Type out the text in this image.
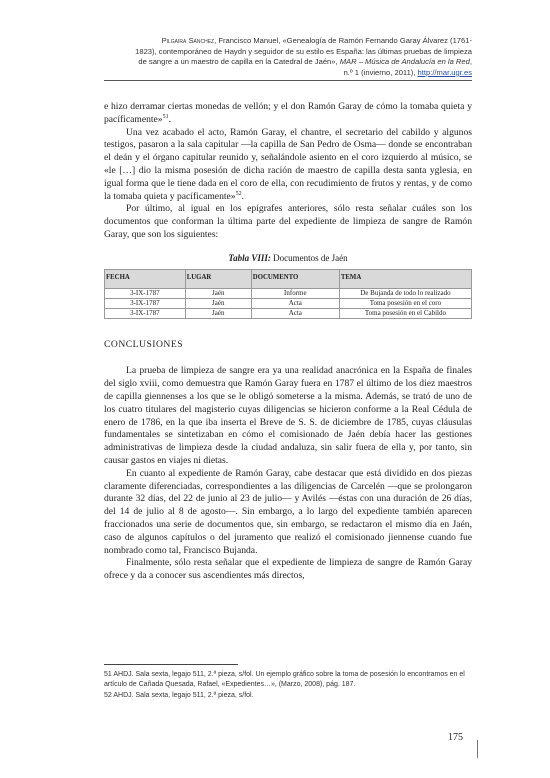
Pilgaira Sánchez, Francisco Manuel, «Genealogía de Ramón Fernando Garay Álvarez (1761-
1823), contemporáneo de Haydn y seguidor de su estilo es España: las últimas pruebas de limpieza
de sangre a un maestro de capilla en la Catedral de Jaén», MAR – Música de Andalucía en la Red,
n.º 1 (invierno, 2011), http://mar.ugr.es

e hizo derramar ciertas monedas de vellón; y el don Ramón Garay de cómo la tomaba quieta y pacíficamente»$^{51}$.

Una vez acabado el acto, Ramón Garay, el chantre, el secretario del cabildo y algunos testigos, pasaron a la sala capitular —la capilla de San Pedro de Osma— donde se encontraban el deán y el órgano capitular reunido y, señalándole asiento en el coro izquierdo al músico, se «le […] dio la misma posesión de dicha ración de maestro de capilla desta santa yglesia, en igual forma que le tiene dada en el coro de ella, con recudimiento de frutos y rentas, y de como la tomaba quieta y pacíficamente»$^{52}$.

Por último, al igual en los epígrafes anteriores, sólo resta señalar cuáles son los documentos que conforman la última parte del expediente de limpieza de sangre de Ramón Garay, que son los siguientes:

Tabla VIII: Documentos de Jaén
FECHA	LUGAR	DOCUMENTO	TEMA
3-IX-1787	Jaén	Informe	De Bujanda de todo lo realizado
3-IX-1787	Jaén	Acta	Toma posesión en el coro
3-IX-1787	Jaén	Acta	Toma posesión en el Cabildo
CONCLUSIONES

La prueba de limpieza de sangre era ya una realidad anacrónica en la España de finales del siglo xviii, como demuestra que Ramón Garay fuera en 1787 el último de los diez maestros de capilla giennenses a los que se le obligó someterse a la misma. Además, se trató de uno de los cuatro titulares del magisterio cuyas diligencias se hicieron conforme a la Real Cédula de enero de 1786, en la que iba inserta el Breve de S. S. de diciembre de 1785, cuyas cláusulas fundamentales se sintetizaban en cómo el comisionado de Jaén debía hacer las gestiones administrativas de limpieza desde la ciudad andaluza, sin salir fuera de ella y, por tanto, sin causar gastos en viajes ni dietas.

En cuanto al expediente de Ramón Garay, cabe destacar que está dividido en dos piezas claramente diferenciadas, correspondientes a las diligencias de Carcelén —que se prolongaron durante 32 días, del 22 de junio al 23 de julio— y Avilés —éstas con una duración de 26 días, del 14 de julio al 8 de agosto—. Sin embargo, a lo largo del expediente también aparecen fraccionados una serie de documentos que, sin embargo, se redactaron el mismo día en Jaén, caso de algunos capítulos o del juramento que realizó el comisionado jiennense cuando fue nombrado como tal, Francisco Bujanda.

Finalmente, sólo resta señalar que el expediente de limpieza de sangre de Ramón Garay ofrece y da a conocer sus ascendientes más directos,

51 AHDJ. Sala sexta, legajo 511, 2.ª pieza, s/fol. Un ejemplo gráfico sobre la toma de posesión lo encontramos en el artículo de Cañada Quesada, Rafael, «Expedientes…», (Marzo, 2008), pág. 187.

52 AHDJ. Sala sexta, legajo 511, 2.ª pieza, s/fol.

175
